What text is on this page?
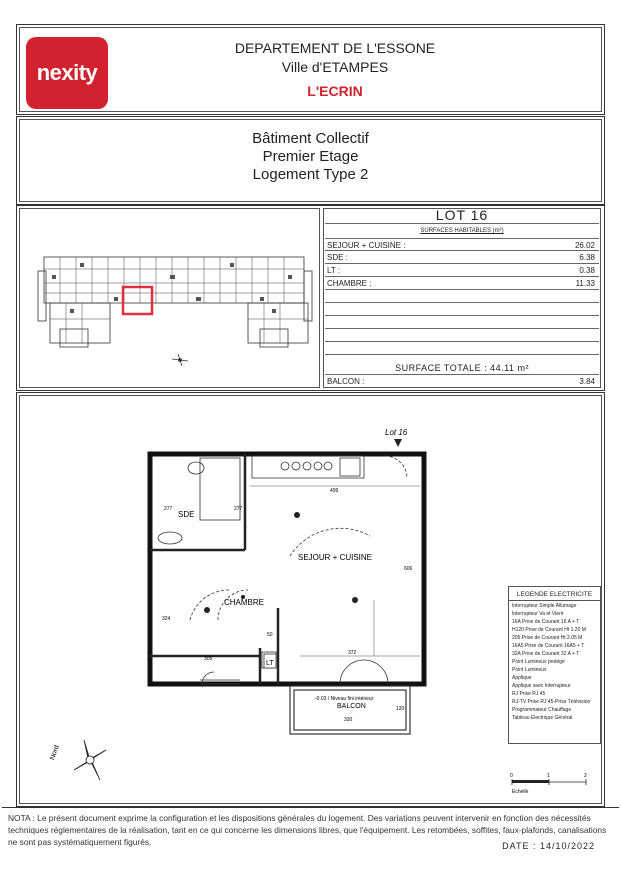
nexity
DEPARTEMENT DE L'ESSONE
Ville d'ETAMPES
L'ECRIN
Bâtiment Collectif
Premier Etage
Logement Type 2
LOT 16
SURFACES HABITABLES (m²)
SEJOUR + CUISINE :	26.02
SDE :	6.38
LT :	0.38
CHAMBRE :	11.33
SURFACE TOTALE : 44.11 m²
BALCON :	3.84
Lot 16
SDE
SEJOUR + CUISINE
CHAMBRE
LT
BALCON
-0.03 / Niveau fini intérieur
499
277
277
606
324
305
372
320
50
120
Nord
LEGENDE ELECTRICITE
Interrupteur Simple Allumage
Interrupteur Va et Vient
16A Prise de Courant 16 A + T
H120 Prise de Courant Ht 1.20 M
205 Prise de Courant Ht 2.05 M
16A5 Prise de Courant 16A5 + T
32A Prise de Courant 32 A + T
Point Lumineux protégé
Point Lumineux
Applique
Applique avec Interrupteur
RJ Prise RJ 45
RJ-TV Prise RJ 45-Prise Télévision
Programmateur Chauffage
Tableau Electrique Général
0	1	2
Echelle
NOTA : Le présent document exprime la configuration et les dispositions générales du logement. Des variations peuvent intervenir en fonction des nécessités techniques réglementaires de la réalisation, tant en ce qui concerne les dimensions libres, que l'équipement. Les retombées, soffites, faux-plafonds, canalisations ne sont pas systématiquement figurés.	DATE : 14/10/2022
